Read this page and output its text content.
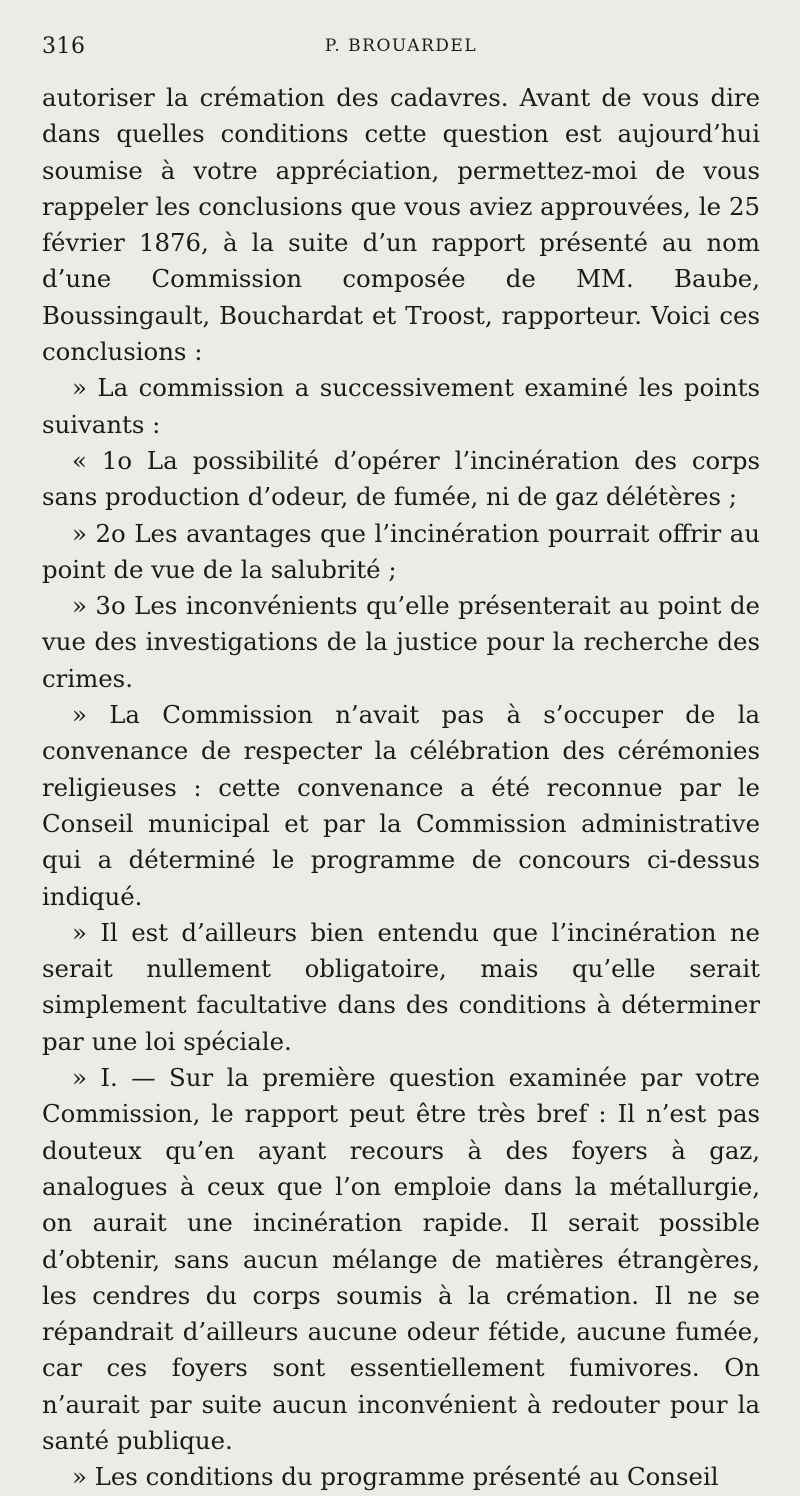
316	P. BROUARDEL

autoriser la crémation des cadavres. Avant de vous dire dans quelles conditions cette question est aujourd’hui soumise à votre appréciation, permettez-moi de vous rappeler les conclusions que vous aviez approuvées, le 25 février 1876, à la suite d’un rapport présenté au nom d’une Commission composée de MM. Baube, Boussingault, Bouchardat et Troost, rapporteur. Voici ces conclusions :

» La commission a successivement examiné les points suivants :

« 1o La possibilité d’opérer l’incinération des corps sans production d’odeur, de fumée, ni de gaz délétères ;

» 2o Les avantages que l’incinération pourrait offrir au point de vue de la salubrité ;

» 3o Les inconvénients qu’elle présenterait au point de vue des investigations de la justice pour la recherche des crimes.

» La Commission n’avait pas à s’occuper de la convenance de respecter la célébration des cérémonies religieuses : cette convenance a été reconnue par le Conseil municipal et par la Commission administrative qui a déterminé le programme de concours ci-dessus indiqué.

» Il est d’ailleurs bien entendu que l’incinération ne serait nullement obligatoire, mais qu’elle serait simplement facultative dans des conditions à déterminer par une loi spéciale.

» I. — Sur la première question examinée par votre Commission, le rapport peut être très bref : Il n’est pas douteux qu’en ayant recours à des foyers à gaz, analogues à ceux que l’on emploie dans la métallurgie, on aurait une incinération rapide. Il serait possible d’obtenir, sans aucun mélange de matières étrangères, les cendres du corps soumis à la crémation. Il ne se répandrait d’ailleurs aucune odeur fétide, aucune fumée, car ces foyers sont essentiellement fumivores. On n’aurait par suite aucun inconvénient à redouter pour la santé publique.

» Les conditions du programme présenté au Conseil
